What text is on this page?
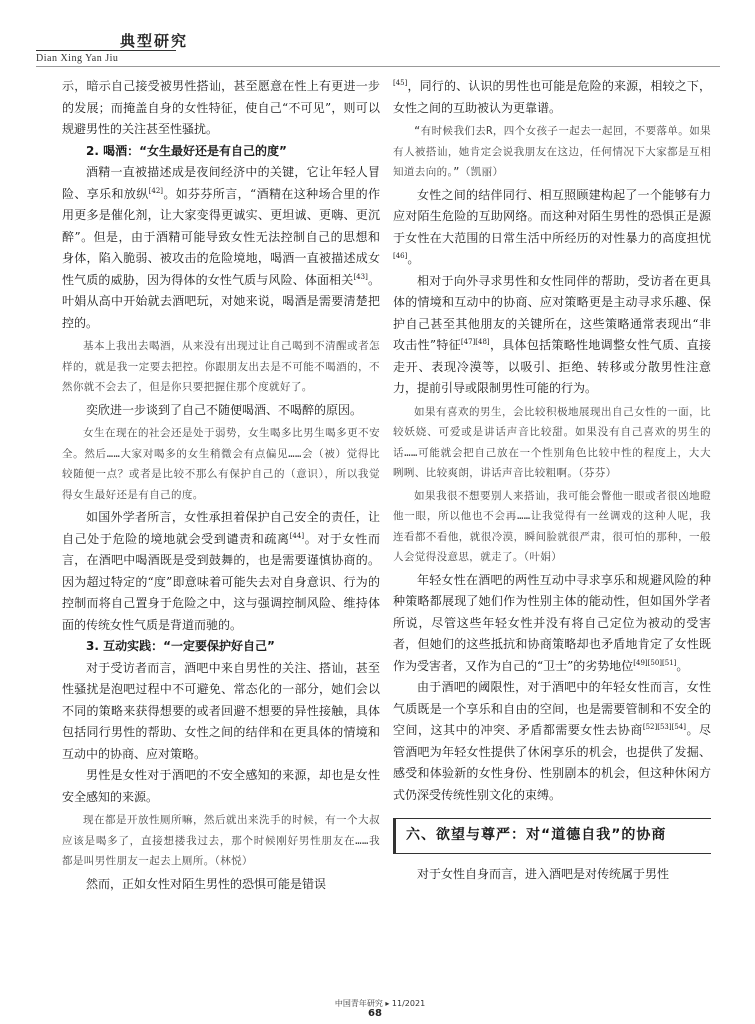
典型研究
Dian Xing Yan Jiu

示，暗示自己接受被男性搭讪，甚至愿意在性上有更进一步的发展；而掩盖自身的女性特征，使自己“不可见”，则可以规避男性的关注甚至性骚扰。

2. 喝酒：“女生最好还是有自己的度”

酒精一直被描述成是夜间经济中的关键，它让年轻人冒险、享乐和放纵[42]。如芬芬所言，“酒精在这种场合里的作用更多是催化剂，让大家变得更诚实、更坦诚、更嗨、更沉醉”。但是，由于酒精可能导致女性无法控制自己的思想和身体，陷入脆弱、被攻击的危险境地，喝酒一直被描述成女性气质的威胁，因为得体的女性气质与风险、体面相关[43]。叶娟从高中开始就去酒吧玩，对她来说，喝酒是需要清楚把控的。

基本上我出去喝酒，从来没有出现过让自己喝到不清醒或者怎样的，就是我一定要去把控。你跟朋友出去是不可能不喝酒的，不然你就不会去了，但是你只要把握住那个度就好了。

奕欣进一步谈到了自己不随便喝酒、不喝醉的原因。

女生在现在的社会还是处于弱势，女生喝多比男生喝多更不安全。然后……大家对喝多的女生稍微会有点偏见……会（被）觉得比较随便一点？或者是比较不那么有保护自己的（意识），所以我觉得女生最好还是有自己的度。

如国外学者所言，女性承担着保护自己安全的责任，让自己处于危险的境地就会受到谴责和疏离[44]。对于女性而言，在酒吧中喝酒既是受到鼓舞的，也是需要谨慎协商的。因为超过特定的“度”即意味着可能失去对自身意识、行为的控制而将自己置身于危险之中，这与强调控制风险、维持体面的传统女性气质是背道而驰的。

3. 互动实践：“一定要保护好自己”

对于受访者而言，酒吧中来自男性的关注、搭讪，甚至性骚扰是泡吧过程中不可避免、常态化的一部分，她们会以不同的策略来获得想要的或者回避不想要的异性接触，具体包括同行男性的帮助、女性之间的结伴和在更具体的情境和互动中的协商、应对策略。

男性是女性对于酒吧的不安全感知的来源，却也是女性安全感知的来源。

现在都是开放性厕所嘛，然后就出来洗手的时候，有一个大叔应该是喝多了，直接想搂我过去，那个时候刚好男性朋友在……我都是叫男性朋友一起去上厕所。（林悦）

然而，正如女性对陌生男性的恐惧可能是错误

[45]，同行的、认识的男性也可能是危险的来源，相较之下，女性之间的互助被认为更靠谱。

“有时候我们去R，四个女孩子一起去一起回，不要落单。如果有人被搭讪，她肯定会说我朋友在这边，任何情况下大家都是互相知道去向的。”（凯丽）

女性之间的结伴同行、相互照顾建构起了一个能够有力应对陌生危险的互助网络。而这种对陌生男性的恐惧正是源于女性在大范围的日常生活中所经历的对性暴力的高度担忧[46]。

相对于向外寻求男性和女性同伴的帮助，受访者在更具体的情境和互动中的协商、应对策略更是主动寻求乐趣、保护自己甚至其他朋友的关键所在，这些策略通常表现出“非攻击性”特征[47][48]，具体包括策略性地调整女性气质、直接走开、表现冷漠等，以吸引、拒绝、转移或分散男性注意力，提前引导或限制男性可能的行为。

如果有喜欢的男生，会比较积极地展现出自己女性的一面，比较妖娆、可爱或是讲话声音比较甜。如果没有自己喜欢的男生的话……可能就会把自己放在一个性别角色比较中性的程度上，大大咧咧、比较爽朗，讲话声音比较粗啊。（芬芬）

如果我很不想要别人来搭讪，我可能会瞥他一眼或者很凶地瞪他一眼，所以他也不会再……让我觉得有一丝调戏的这种人呢，我连看都不看他，就很冷漠，瞬间脸就很严肃，很可怕的那种，一般人会觉得没意思，就走了。（叶娟）

年轻女性在酒吧的两性互动中寻求享乐和规避风险的种种策略都展现了她们作为性别主体的能动性，但如国外学者所说，尽管这些年轻女性并没有将自己定位为被动的受害者，但她们的这些抵抗和协商策略却也矛盾地肯定了女性既作为受害者，又作为自己的“卫士”的劣势地位[49][50][51]。

由于酒吧的阈限性，对于酒吧中的年轻女性而言，女性气质既是一个享乐和自由的空间，也是需要管制和不安全的空间，这其中的冲突、矛盾都需要女性去协商[52][53][54]。尽管酒吧为年轻女性提供了休闲享乐的机会，也提供了发掘、感受和体验新的女性身份、性别剧本的机会，但这种休闲方式仍深受传统性别文化的束缚。

六、欲望与尊严：对“道德自我”的协商

对于女性自身而言，进入酒吧是对传统属于男性

中国青年研究 ▸ 11/2021
68
